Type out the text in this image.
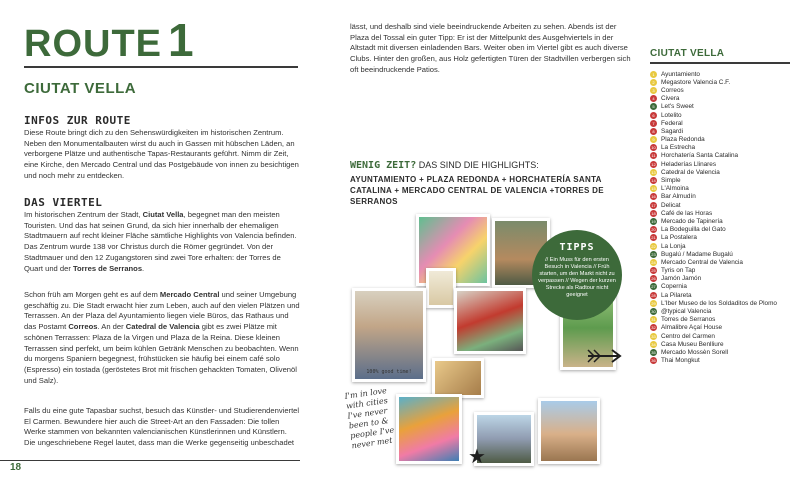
ROUTE 1
CIUTAT VELLA
INFOS ZUR ROUTE
Diese Route bringt dich zu den Sehenswürdigkeiten im historischen Zentrum. Neben den Monumentalbauten wirst du auch in Gassen mit hübschen Läden, an verborgene Plätze und authentische Tapas-Restaurants geführt. Nimm dir Zeit, eine Kirche, den Mercado Central und das Postgebäude von innen zu besichtigen und noch mehr zu entdecken.
DAS VIERTEL
Im historischen Zentrum der Stadt, Ciutat Vella, begegnet man den meisten Touristen. Und das hat seinen Grund, da sich hier innerhalb der ehemaligen Stadtmauern auf recht kleiner Fläche sämtliche Highlights von Valencia befinden. Das Zentrum wurde 138 vor Christus durch die Römer gegründet. Von der Stadtmauer und den 12 Zugangstoren sind zwei Tore erhalten: der Torres de Quart und der Torres de Serranos.
Schon früh am Morgen geht es auf dem Mercado Central und seiner Umgebung geschäftig zu. Die Stadt erwacht hier zum Leben, auch auf den vielen Plätzen und Terrassen. An der Plaza del Ayuntamiento liegen viele Büros, das Rathaus und das Postamt Correos. An der Catedral de Valencia gibt es zwei Plätze mit schönen Terrassen: Plaza de la Virgen und Plaza de la Reina. Diese kleinen Terrassen sind perfekt, um beim kühlen Getränk Menschen zu beobachten. Wenn du morgens Spaniern begegnest, frühstücken sie häufig bei einem café solo (Espresso) ein tostada (geröstetes Brot mit frischen gehackten Tomaten, Olivenöl und Salz).
Falls du eine gute Tapasbar suchst, besuch das Künstler- und Studierendenviertel El Carmen. Bewundere hier auch die Street-Art an den Fassaden: Die tollen Werke stammen von bekannten valencianischen Künstlerinnen und Künstlern. Die ungeschriebene Regel lautet, dass man die Werke gegenseitig unbeschadet
18
lässt, und deshalb sind viele beeindruckende Arbeiten zu sehen. Abends ist der Plaza del Tossal ein guter Tipp: Er ist der Mittelpunkt des Ausgehviertels in der Altstadt mit diversen einladenden Bars. Weiter oben im Viertel gibt es auch diverse Clubs. Hinter den großen, aus Holz gefertigten Türen der Stadtvillen verbergen sich oft beeindruckende Patios.
WENIG ZEIT? DAS SIND DIE HIGHLIGHTS:
AYUNTAMIENTO + PLAZA REDONDA + HORCHATERÍA SANTA CATALINA + MERCADO CENTRAL DE VALENCIA +TORRES DE SERRANOS
100% good time!
TIPPS
// Ein Muss für den ersten Besuch in Valencia // Früh starten, um den Markt nicht zu verpassen // Wegen der kurzen Strecke als Radtour nicht geeignet
I'm in love with cities I've never been to & people I've never met
★
CIUTAT VELLA
1 Ayuntamiento
2 Megastore Valencia C.F.
3 Correos
4 Civera
5 Let's Sweet
6 Lotelito
7 Federal
8 Sagardi
9 Plaza Redonda
10 La Estrecha
11 Horchatería Santa Catalina
12 Heladerías Llinares
13 Catedral de Valencia
14 Simple
15 L'Almoina
16 Bar Almudín
17 Delicat
18 Café de las Horas
19 Mercado de Tapinería
20 La Bodeguilla del Gato
21 La Postalera
22 La Lonja
23 Bugalú / Madame Bugalú
24 Mercado Central de Valencia
25 Tyris on Tap
26 Jamón Jamón
27 Copernia
28 La Pilareta
29 L'Iber Museo de los Soldaditos de Plomo
30 @typical Valencia
31 Torres de Serranos
32 Almalibre Açaí House
33 Centro del Carmen
34 Casa Museu Benlliure
35 Mercado Mossèn Sorell
36 Thai Mongkut
